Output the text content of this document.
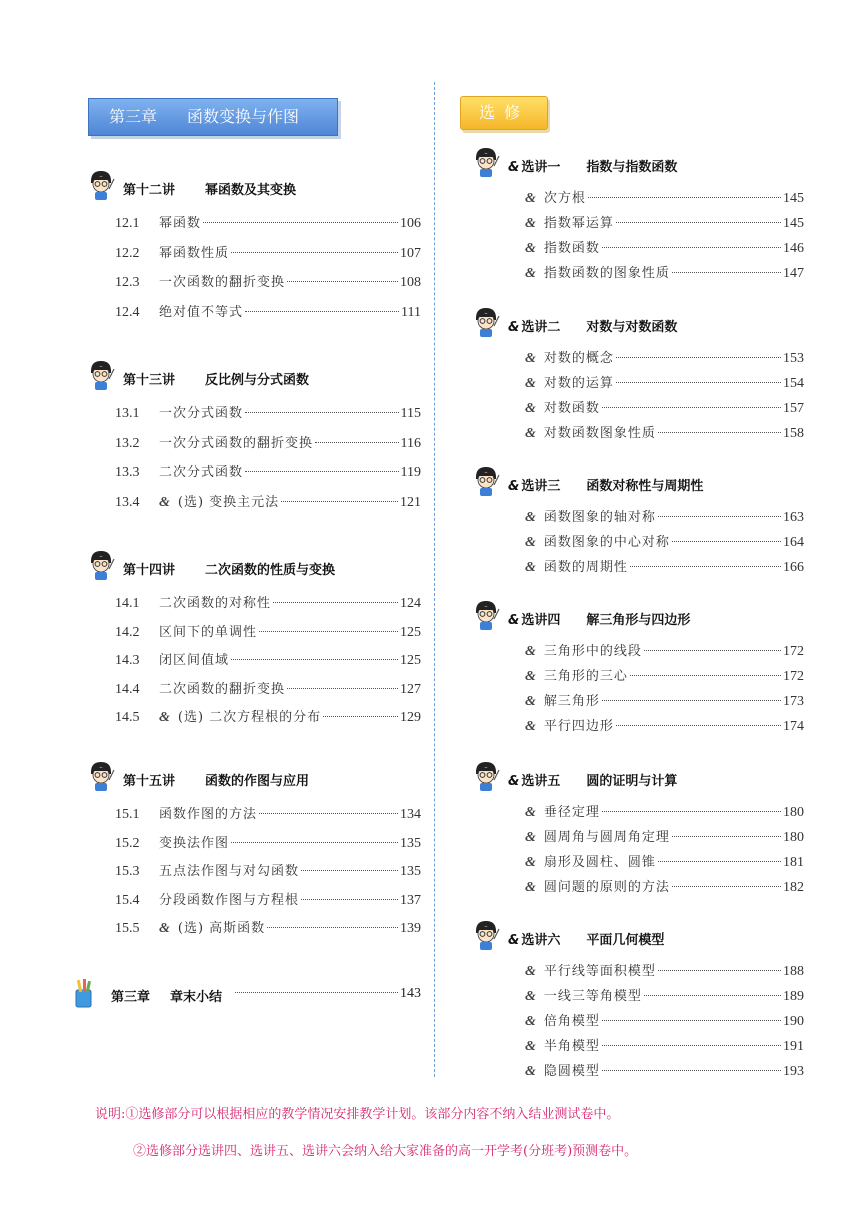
第三章 函数变换与作图
第十二讲 幂函数及其变换
12.1	幂函数	106
12.2	幂函数性质	107
12.3	一次函数的翻折变换	108
12.4	绝对值不等式	111
第十三讲 反比例与分式函数
13.1	一次分式函数	115
13.2	一次分式函数的翻折变换	116
13.3	二次分式函数	119
13.4	& (选) 变换主元法	121
第十四讲 二次函数的性质与变换
14.1	二次函数的对称性	124
14.2	区间下的单调性	125
14.3	闭区间值域	125
14.4	二次函数的翻折变换	127
14.5	& (选) 二次方程根的分布	129
第十五讲 函数的作图与应用
15.1	函数作图的方法	134
15.2	变换法作图	135
15.3	五点法作图与对勾函数	135
15.4	分段函数作图与方程根	137
15.5	& (选) 高斯函数	139
第三章 章末小结	143
选 修
& 选讲一 指数与指数函数
& 次方根	145
& 指数幂运算	145
& 指数函数	146
& 指数函数的图象性质	147
& 选讲二 对数与对数函数
& 对数的概念	153
& 对数的运算	154
& 对数函数	157
& 对数函数图象性质	158
& 选讲三 函数对称性与周期性
& 函数图象的轴对称	163
& 函数图象的中心对称	164
& 函数的周期性	166
& 选讲四 解三角形与四边形
& 三角形中的线段	172
& 三角形的三心	172
& 解三角形	173
& 平行四边形	174
& 选讲五 圆的证明与计算
& 垂径定理	180
& 圆周角与圆周角定理	180
& 扇形及圆柱、圆锥	181
& 圆问题的原则的方法	182
& 选讲六 平面几何模型
& 平行线等面积模型	188
& 一线三等角模型	189
& 倍角模型	190
& 半角模型	191
& 隐圆模型	193
说明:①选修部分可以根据相应的教学情况安排教学计划。该部分内容不纳入结业测试卷中。
②选修部分选讲四、选讲五、选讲六会纳入给大家准备的高一开学考(分班考)预测卷中。
